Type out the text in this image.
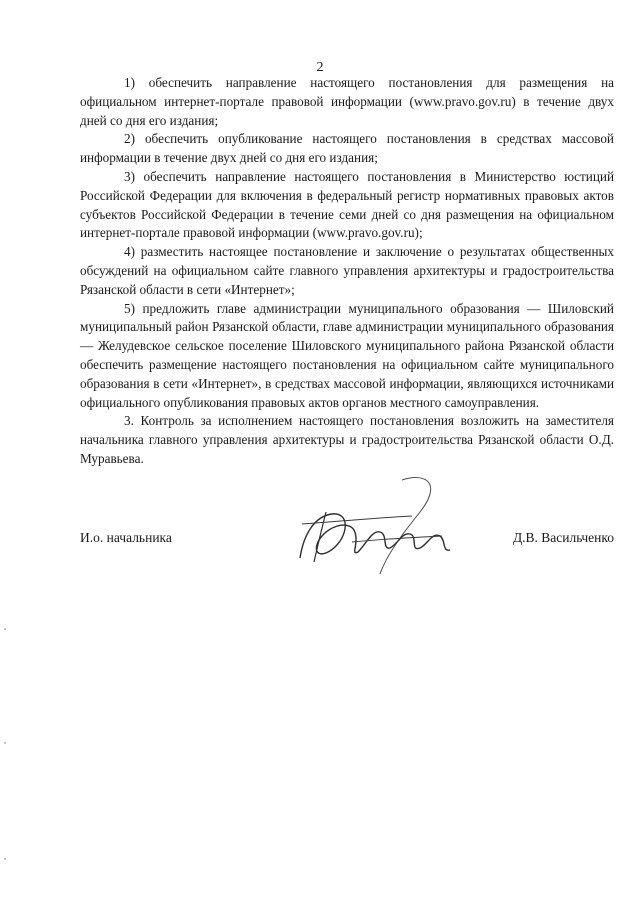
2

1) обеспечить направление настоящего постановления для размещения на официальном интернет-портале правовой информации (www.pravo.gov.ru) в течение двух дней со дня его издания;

2) обеспечить опубликование настоящего постановления в средствах массовой информации в течение двух дней со дня его издания;

3) обеспечить направление настоящего постановления в Министерство юстиций Российской Федерации для включения в федеральный регистр нормативных правовых актов субъектов Российской Федерации в течение семи дней со дня размещения на официальном интернет-портале правовой информации (www.pravo.gov.ru);

4) разместить настоящее постановление и заключение о результатах общественных обсуждений на официальном сайте главного управления архитектуры и градостроительства Рязанской области в сети «Интернет»;

5) предложить главе администрации муниципального образования — Шиловский муниципальный район Рязанской области, главе администрации муниципального образования — Желудевское сельское поселение Шиловского муниципального района Рязанской области обеспечить размещение настоящего постановления на официальном сайте муниципального образования в сети «Интернет», в средствах массовой информации, являющихся источниками официального опубликования правовых актов органов местного самоуправления.

3. Контроль за исполнением настоящего постановления возложить на заместителя начальника главного управления архитектуры и градостроительства Рязанской области О.Д. Муравьева.

И.о. начальника	Д.В. Васильченко
